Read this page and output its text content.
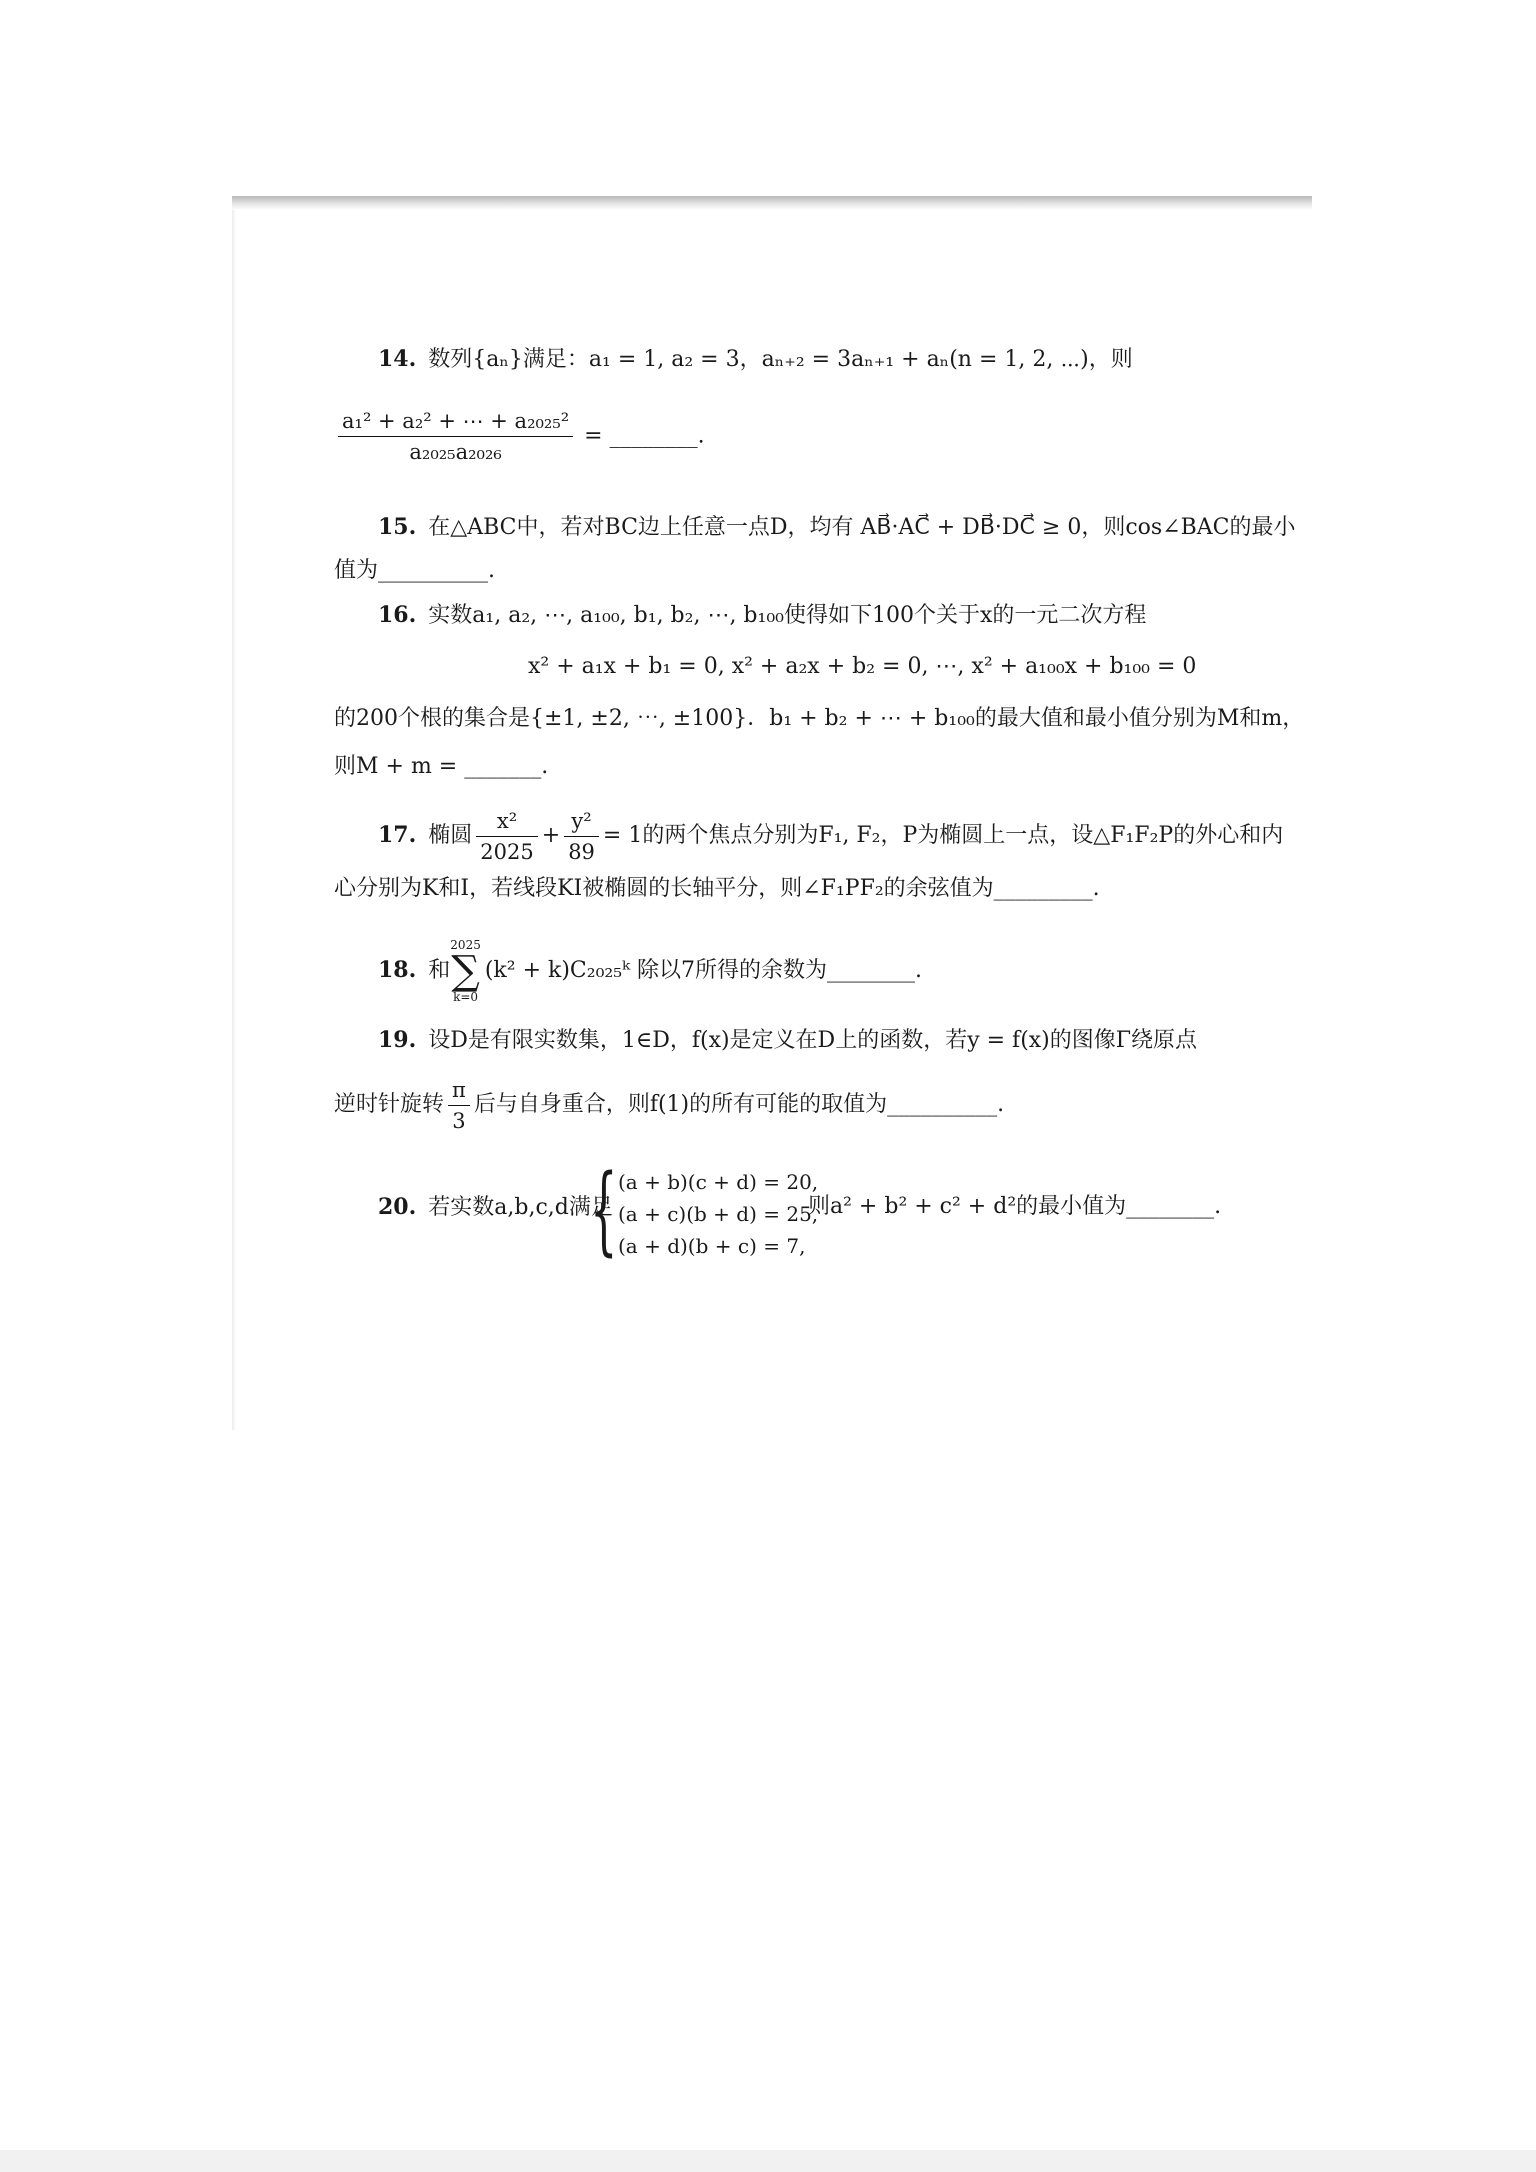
14. 数列{aₙ}满足：a₁ = 1, a₂ = 3，aₙ₊₂ = 3aₙ₊₁ + aₙ(n = 1, 2, ⋯)，则
$\frac{\text{a₁² + a₂² + ⋯ + a₂₀₂₅²}}{\text{a₂₀₂₅a₂₀₂₆}}$ = ________.
15. 在△ABC中，若对BC边上任意一点D，均有 AB⃗·AC⃗ + DB⃗·DC⃗ ≥ 0，则cos∠BAC的最小
值为__________.
16. 实数a₁, a₂, ⋯, a₁₀₀, b₁, b₂, ⋯, b₁₀₀使得如下100个关于x的一元二次方程
x² + a₁x + b₁ = 0, x² + a₂x + b₂ = 0, ⋯, x² + a₁₀₀x + b₁₀₀ = 0
的200个根的集合是{±1, ±2, ⋯, ±100}．b₁ + b₂ + ⋯ + b₁₀₀的最大值和最小值分别为M和m，
则M + m = _______.
17. 椭圆 $\frac{\text{x²}}{2025} + \frac{\text{y²}}{89} = 1$的两个焦点分别为F₁, F₂，P为椭圆上一点，设△F₁F₂P的外心和内
心分别为K和I，若线段KI被椭圆的长轴平分，则∠F₁PF₂的余弦值为_________.
18. 和
2025
∑
k=0
(k² + k)C₂₀₂₅ᵏ 除以7所得的余数为________.
19. 设D是有限实数集，1∈D，f(x)是定义在D上的函数，若y = f(x)的图像Γ绕原点
逆时针旋转 $\frac{\pi}{3}$ 后与自身重合，则f(1)的所有可能的取值为__________.
20. 若实数a,b,c,d满足
{ (a + b)(c + d) = 20,
(a + c)(b + d) = 25,
(a + d)(b + c) = 7,
则a² + b² + c² + d²的最小值为________.
